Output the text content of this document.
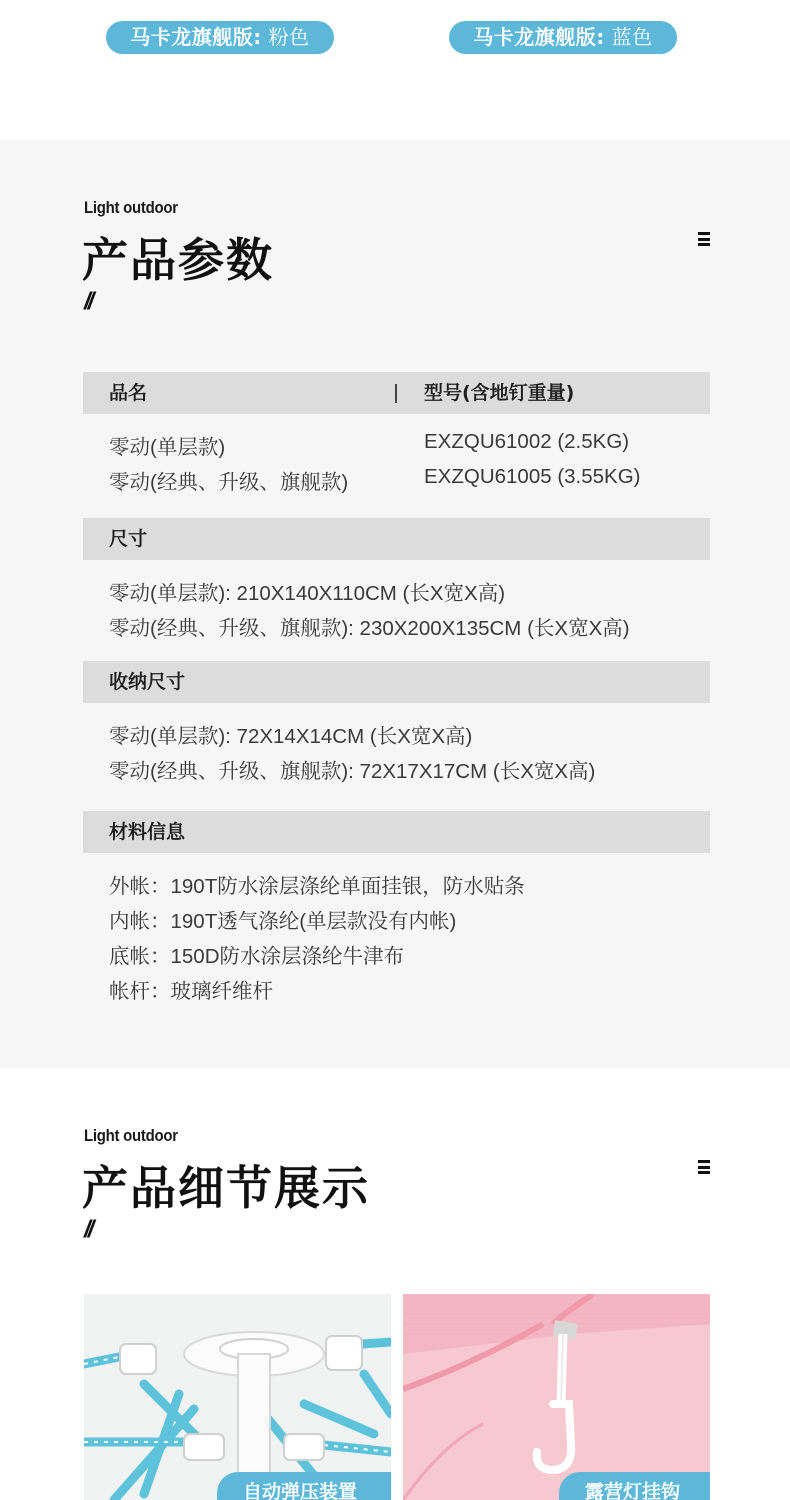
马卡龙旗舰版: 粉色	马卡龙旗舰版: 蓝色
Light outdoor
产品参数
//
品名	型号(含地钉重量)
零动(单层款)	EXZQU61002 (2.5KG)
零动(经典、升级、旗舰款)	EXZQU61005 (3.55KG)
尺寸
零动(单层款): 210X140X110CM (长X宽X高)
零动(经典、升级、旗舰款): 230X200X135CM (长X宽X高)
收纳尺寸
零动(单层款): 72X14X14CM (长X宽X高)
零动(经典、升级、旗舰款): 72X17X17CM (长X宽X高)
材料信息
外帐：190T防水涂层涤纶单面挂银，防水贴条
内帐：190T透气涤纶(单层款没有内帐)
底帐：150D防水涂层涤纶牛津布
帐杆：玻璃纤维杆
Light outdoor
产品细节展示
//
自动弹压装置	露营灯挂钩
